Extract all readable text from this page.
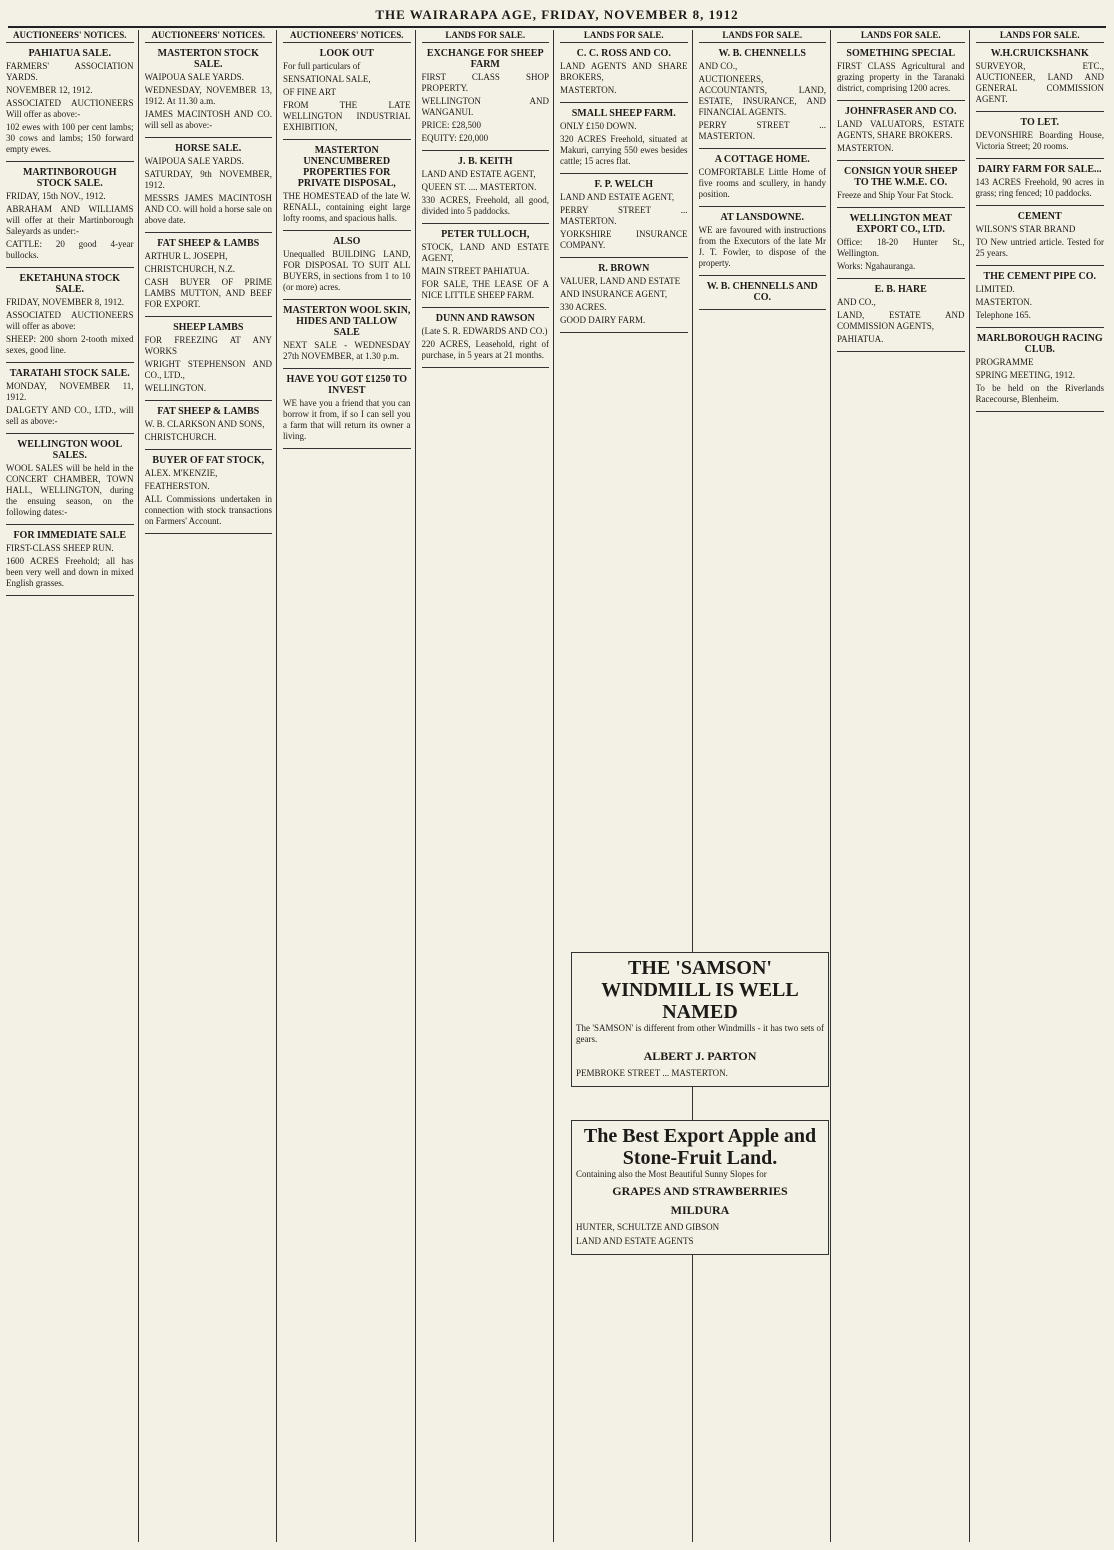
THE WAIRARAPA AGE, FRIDAY, NOVEMBER 8, 1912
AUCTIONEERS' NOTICES.
PAHIATUA SALE.

FARMERS' ASSOCIATION YARDS.

NOVEMBER 12, 1912.

ASSOCIATED AUCTIONEERS Will offer as above:-

102 ewes with 100 per cent lambs; 30 cows and lambs; 150 forward empty ewes.

MARTINBOROUGH STOCK SALE.

FRIDAY, 15th NOV., 1912.

ABRAHAM AND WILLIAMS will offer at their Martinborough Saleyards as under:-

CATTLE: 20 good 4-year bullocks.

EKETAHUNA STOCK SALE.

FRIDAY, NOVEMBER 8, 1912.

ASSOCIATED AUCTIONEERS will offer as above:

SHEEP: 200 shorn 2-tooth mixed sexes, good line.

TARATAHI STOCK SALE.

MONDAY, NOVEMBER 11, 1912.

DALGETY AND CO., LTD., will sell as above:-

WELLINGTON WOOL SALES.

WOOL SALES will be held in the CONCERT CHAMBER, TOWN HALL, WELLINGTON, during the ensuing season, on the following dates:-

FOR IMMEDIATE SALE

FIRST-CLASS SHEEP RUN.

1600 ACRES Freehold; all has been very well and down in mixed English grasses.

AUCTIONEERS' NOTICES.
MASTERTON STOCK SALE.

WAIPOUA SALE YARDS.

WEDNESDAY, NOVEMBER 13, 1912. At 11.30 a.m.

JAMES MACINTOSH AND CO. will sell as above:-

HORSE SALE.

WAIPOUA SALE YARDS.

SATURDAY, 9th NOVEMBER, 1912.

MESSRS JAMES MACINTOSH AND CO. will hold a horse sale on above date.

FAT SHEEP & LAMBS

ARTHUR L. JOSEPH,

CHRISTCHURCH, N.Z.

CASH BUYER OF PRIME LAMBS MUTTON, AND BEEF FOR EXPORT.

SHEEP LAMBS

FOR FREEZING AT ANY WORKS

WRIGHT STEPHENSON AND CO., LTD.,

WELLINGTON.

FAT SHEEP & LAMBS

W. B. CLARKSON AND SONS,

CHRISTCHURCH.

BUYER OF FAT STOCK,

ALEX. M'KENZIE,

FEATHERSTON.

ALL Commissions undertaken in connection with stock transactions on Farmers' Account.

AUCTIONEERS' NOTICES.
LOOK OUT

For full particulars of

SENSATIONAL SALE,

OF FINE ART

FROM THE LATE WELLINGTON INDUSTRIAL EXHIBITION,

MASTERTON UNENCUMBERED PROPERTIES FOR PRIVATE DISPOSAL,

THE HOMESTEAD of the late W. RENALL, containing eight large lofty rooms, and spacious halls.

ALSO

Unequalled BUILDING LAND, FOR DISPOSAL TO SUIT ALL BUYERS, in sections from 1 to 10 (or more) acres.

MASTERTON WOOL SKIN, HIDES AND TALLOW SALE

NEXT SALE - WEDNESDAY 27th NOVEMBER, at 1.30 p.m.

HAVE YOU GOT £1250 TO INVEST

WE have you a friend that you can borrow it from, if so I can sell you a farm that will return its owner a living.

LANDS FOR SALE.
EXCHANGE FOR SHEEP FARM

FIRST CLASS SHOP PROPERTY.

WELLINGTON AND WANGANUI.

PRICE: £28,500

EQUITY: £20,000

J. B. KEITH

LAND AND ESTATE AGENT,

QUEEN ST. .... MASTERTON.

330 ACRES, Freehold, all good, divided into 5 paddocks.

PETER TULLOCH,

STOCK, LAND AND ESTATE AGENT,

MAIN STREET PAHIATUA.

FOR SALE, THE LEASE OF A NICE LITTLE SHEEP FARM.

DUNN AND RAWSON

(Late S. R. EDWARDS AND CO.)

220 ACRES, Leasehold, right of purchase, in 5 years at 21 months.

LANDS FOR SALE.
C. C. ROSS AND CO.

LAND AGENTS AND SHARE BROKERS,

MASTERTON.

SMALL SHEEP FARM.

ONLY £150 DOWN.

320 ACRES Freehold, situated at Makuri, carrying 550 ewes besides cattle; 15 acres flat.

F. P. WELCH

LAND AND ESTATE AGENT,

PERRY STREET ... MASTERTON.

YORKSHIRE INSURANCE COMPANY.

R. BROWN

VALUER, LAND AND ESTATE

AND INSURANCE AGENT,

330 ACRES.

GOOD DAIRY FARM.

LANDS FOR SALE.
W. B. CHENNELLS

AND CO.,

AUCTIONEERS, ACCOUNTANTS, LAND, ESTATE, INSURANCE, AND FINANCIAL AGENTS.

PERRY STREET ... MASTERTON.

A COTTAGE HOME.

COMFORTABLE Little Home of five rooms and scullery, in handy position.

AT LANSDOWNE.

WE are favoured with instructions from the Executors of the late Mr J. T. Fowler, to dispose of the property.

W. B. CHENNELLS AND CO.
LANDS FOR SALE.
SOMETHING SPECIAL

FIRST CLASS Agricultural and grazing property in the Taranaki district, comprising 1200 acres.

JOHNFRASER AND CO.

LAND VALUATORS, ESTATE AGENTS, SHARE BROKERS.

MASTERTON.

CONSIGN YOUR SHEEP TO THE W.M.E. CO.

Freeze and Ship Your Fat Stock.

WELLINGTON MEAT EXPORT CO., LTD.

Office: 18-20 Hunter St., Wellington.

Works: Ngahauranga.

E. B. HARE

AND CO.,

LAND, ESTATE AND COMMISSION AGENTS,

PAHIATUA.

LANDS FOR SALE.
W.H.CRUICKSHANK

SURVEYOR, ETC., AUCTIONEER, LAND AND GENERAL COMMISSION AGENT.

TO LET.

DEVONSHIRE Boarding House, Victoria Street; 20 rooms.

DAIRY FARM FOR SALE...

143 ACRES Freehold, 90 acres in grass; ring fenced; 10 paddocks.

CEMENT

WILSON'S STAR BRAND

TO New untried article. Tested for 25 years.

THE CEMENT PIPE CO.

LIMITED.

MASTERTON.

Telephone 165.

MARLBOROUGH RACING CLUB.

PROGRAMME

SPRING MEETING, 1912.

To be held on the Riverlands Racecourse, Blenheim.

THE 'SAMSON' WINDMILL IS WELL NAMED

The 'SAMSON' is different from other Windmills - it has two sets of gears.

ALBERT J. PARTON

PEMBROKE STREET ... MASTERTON.

The Best Export Apple and Stone-Fruit Land.

Containing also the Most Beautiful Sunny Slopes for

GRAPES AND STRAWBERRIES
MILDURA

HUNTER, SCHULTZE AND GIBSON

LAND AND ESTATE AGENTS
